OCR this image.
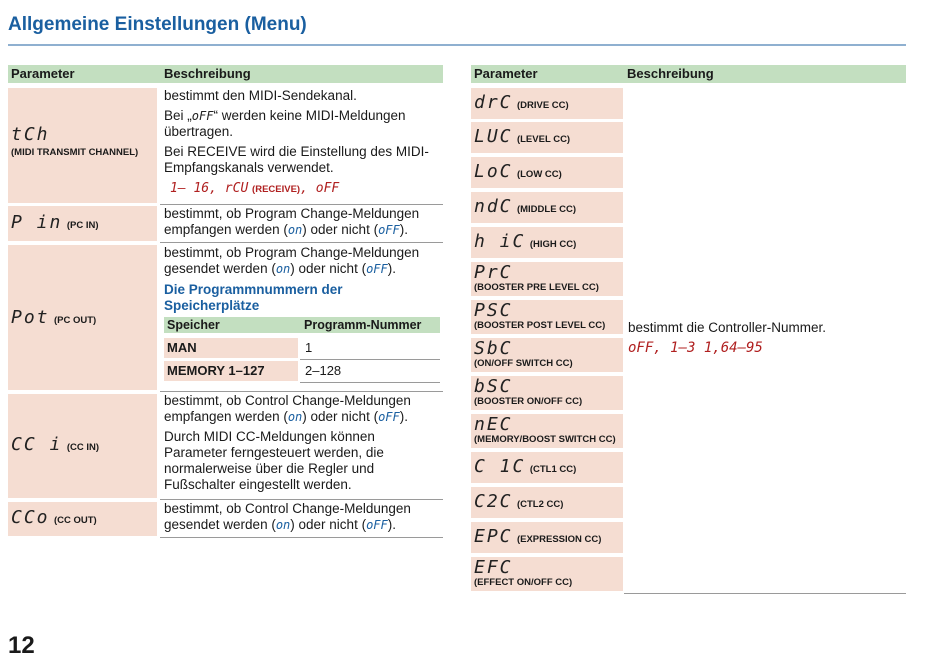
Allgemeine Einstellungen (Menu)
Parameter	Beschreibung
tCh
(MIDI TRANSMIT CHANNEL)

bestimmt den MIDI-Sendekanal.

Bei „oFF“ werden keine MIDI-Meldungen übertragen.

Bei RECEIVE wird die Einstellung des MIDI-Empfangskanals verwendet.

1– 16, rCU (RECEIVE), oFF

P in (PC IN)
bestimmt, ob Program Change-Meldungen empfangen werden (on) oder nicht (oFF).
Pot (PC OUT)
bestimmt, ob Program Change-Meldungen gesendet werden (on) oder nicht (oFF).
Die Programmnummern der Speicherplätze
Speicher	Programm-Nummer
MAN	1
MEMORY 1–127	2–128
CC i (CC IN)

bestimmt, ob Control Change-Meldungen empfangen werden (on) oder nicht (oFF).

Durch MIDI CC-Meldungen können Parameter ferngesteuert werden, die normalerweise über die Regler und Fußschalter eingestellt werden.

CCo (CC OUT)
bestimmt, ob Control Change-Meldungen gesendet werden (on) oder nicht (oFF).
Parameter	Beschreibung
drC (DRIVE CC)
LUC (LEVEL CC)
LoC (LOW CC)
ndC (MIDDLE CC)
h iC (HIGH CC)
PrC
(BOOSTER PRE LEVEL CC)
PSC
(BOOSTER POST LEVEL CC)
SbC
(ON/OFF SWITCH CC)
bSC
(BOOSTER ON/OFF CC)
nEC
(MEMORY/BOOST SWITCH CC)
C 1C (CTL1 CC)
C2C (CTL2 CC)
EPC (EXPRESSION CC)
EFC
(EFFECT ON/OFF CC)

bestimmt die Controller-Nummer.

oFF, 1–3 1,64–95

12
